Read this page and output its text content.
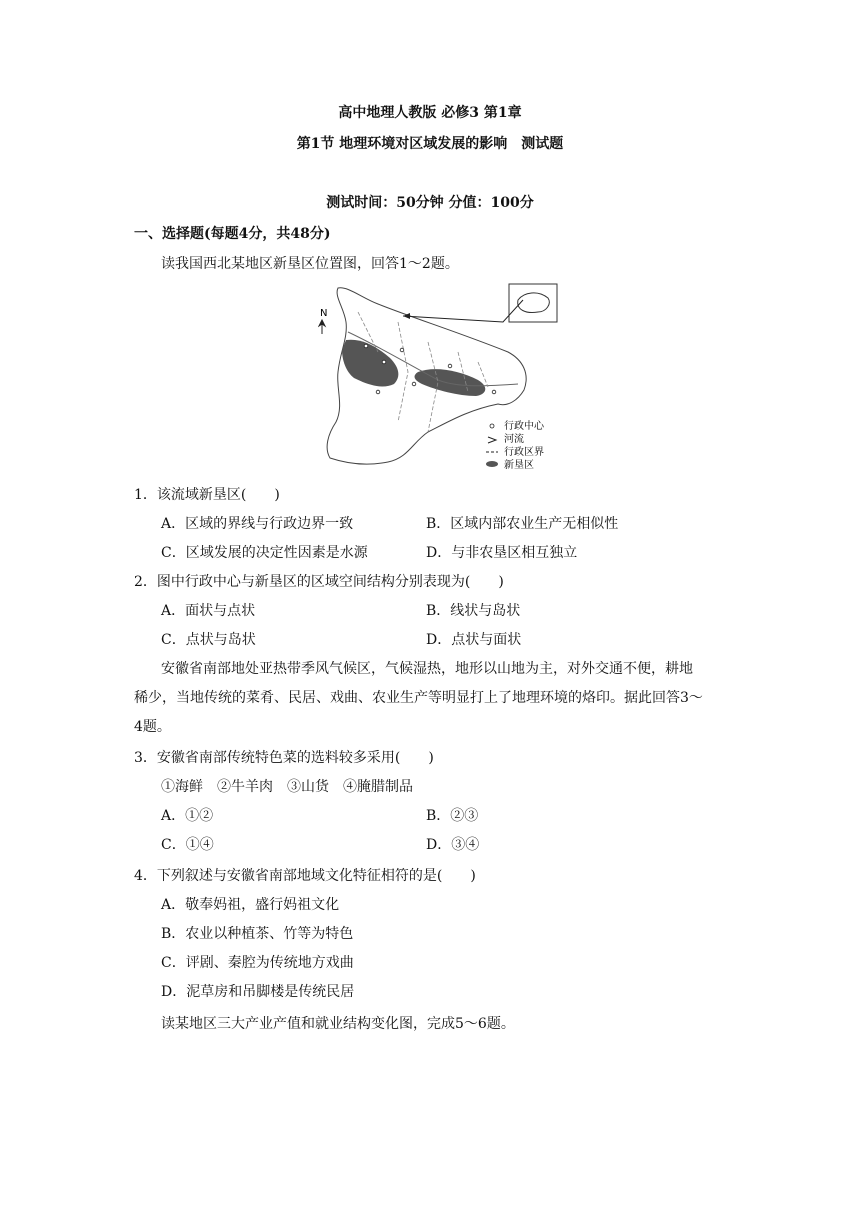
高中地理人教版 必修3 第1章
第1节 地理环境对区域发展的影响　测试题
测试时间：50分钟 分值：100分
一、选择题(每题4分，共48分)
读我国西北某地区新垦区位置图，回答1～2题。
N
行政中心
河流
行政区界
新垦区
1．该流域新垦区(　　)
A．区域的界线与行政边界一致	B．区域内部农业生产无相似性
C．区域发展的决定性因素是水源	D．与非农垦区相互独立
2．图中行政中心与新垦区的区域空间结构分别表现为(　　)
A．面状与点状	B．线状与岛状
C．点状与岛状	D．点状与面状
安徽省南部地处亚热带季风气候区，气候湿热，地形以山地为主，对外交通不便，耕地
稀少，当地传统的菜肴、民居、戏曲、农业生产等明显打上了地理环境的烙印。据此回答3～
4题。
3．安徽省南部传统特色菜的选料较多采用(　　)
①海鲜　②牛羊肉　③山货　④腌腊制品
A．①②	B．②③
C．①④	D．③④
4．下列叙述与安徽省南部地域文化特征相符的是(　　)
A．敬奉妈祖，盛行妈祖文化
B．农业以种植茶、竹等为特色
C．评剧、秦腔为传统地方戏曲
D．泥草房和吊脚楼是传统民居
读某地区三大产业产值和就业结构变化图，完成5～6题。
